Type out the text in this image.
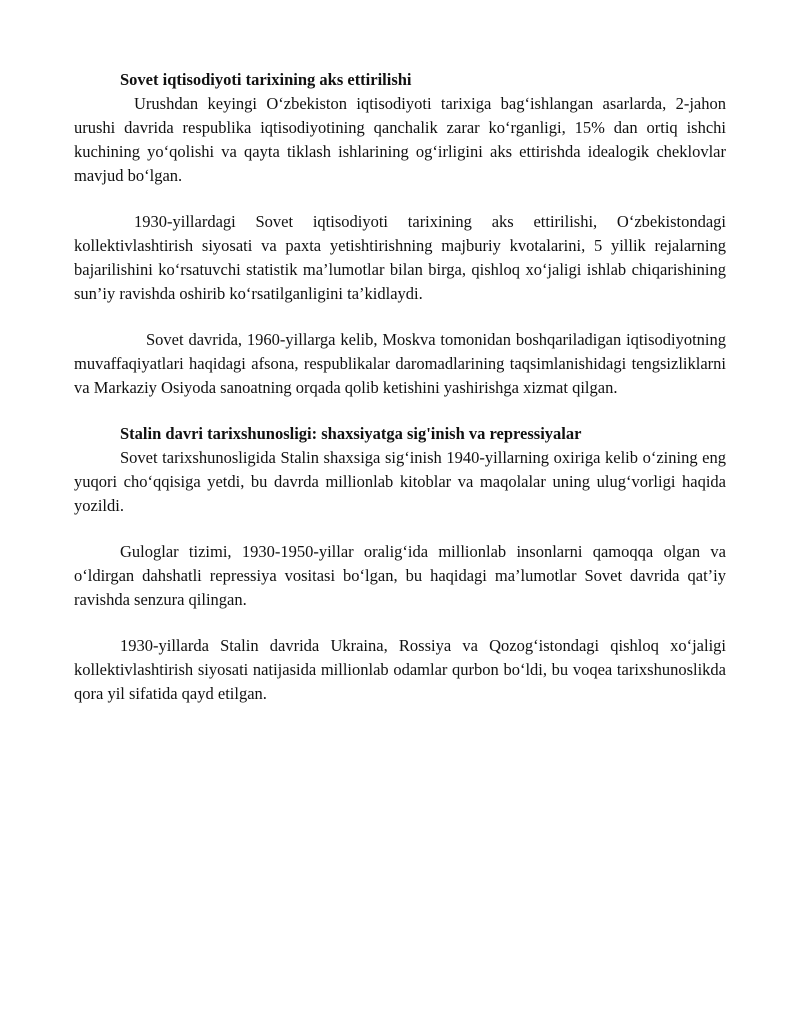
Sovet iqtisodiyoti tarixining aks ettirilishi

Urushdan keyingi O‘zbekiston iqtisodiyoti tarixiga bag‘ishlangan asarlarda, 2-jahon urushi davrida respublika iqtisodiyotining qanchalik zarar ko‘rganligi, 15% dan ortiq ishchi kuchining yo‘qolishi va qayta tiklash ishlarining og‘irligini aks ettirishda idealogik cheklovlar mavjud bo‘lgan.

1930-yillardagi Sovet iqtisodiyoti tarixining aks ettirilishi, O‘zbekistondagi kollektivlashtirish siyosati va paxta yetishtirishning majburiy kvotalarini, 5 yillik rejalarning bajarilishini ko‘rsatuvchi statistik ma’lumotlar bilan birga, qishloq xo‘jaligi ishlab chiqarishining sun’iy ravishda oshirib ko‘rsatilganligini ta’kidlaydi.

Sovet davrida, 1960-yillarga kelib, Moskva tomonidan boshqariladigan iqtisodiyotning muvaffaqiyatlari haqidagi afsona, respublikalar daromadlarining taqsimlanishidagi tengsizliklarni va Markaziy Osiyoda sanoatning orqada qolib ketishini yashirishga xizmat qilgan.

Stalin davri tarixshunosligi: shaxsiyatga sig'inish va repressiyalar

Sovet tarixshunosligida Stalin shaxsiga sig‘inish 1940-yillarning oxiriga kelib o‘zining eng yuqori cho‘qqisiga yetdi, bu davrda millionlab kitoblar va maqolalar uning ulug‘vorligi haqida yozildi.

Guloglar tizimi, 1930-1950-yillar oralig‘ida millionlab insonlarni qamoqqa olgan va o‘ldirgan dahshatli repressiya vositasi bo‘lgan, bu haqidagi ma’lumotlar Sovet davrida qat’iy ravishda senzura qilingan.

1930-yillarda Stalin davrida Ukraina, Rossiya va Qozog‘istondagi qishloq xo‘jaligi kollektivlashtirish siyosati natijasida millionlab odamlar qurbon bo‘ldi, bu voqea tarixshunoslikda qora yil sifatida qayd etilgan.
